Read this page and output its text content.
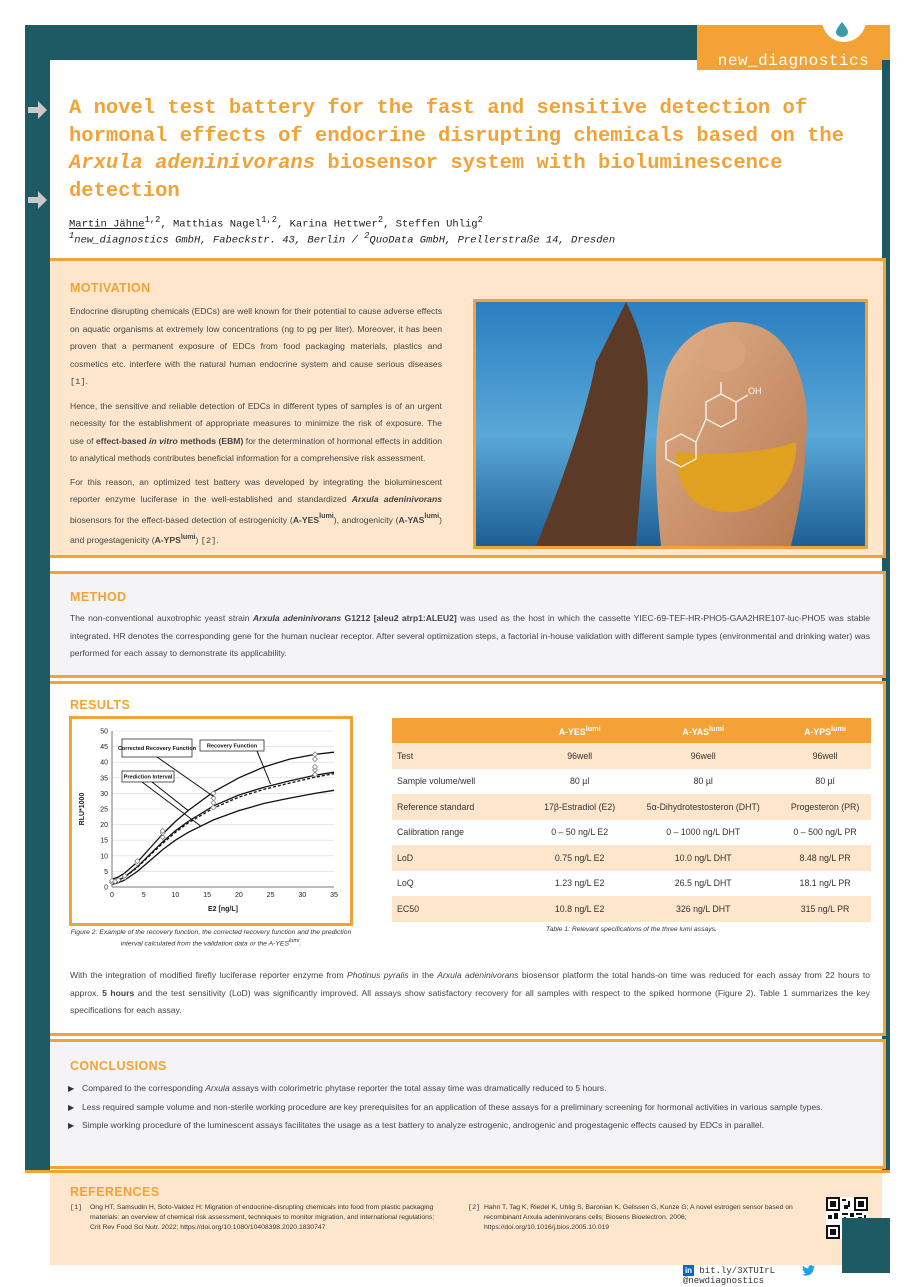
new_diagnostics
A novel test battery for the fast and sensitive detection of hormonal effects of endocrine disrupting chemicals based on the Arxula adeninivorans biosensor system with bioluminescence detection
Martin Jähne$^{1,2}$, Matthias Nagel$^{1,2}$, Karina Hettwer$^2$, Steffen Uhlig$^2$
$^1$new_diagnostics GmbH, Fabeckstr. 43, Berlin / $^2$QuoData GmbH, Prellerstraße 14, Dresden
MOTIVATION

Endocrine disrupting chemicals (EDCs) are well known for their potential to cause adverse effects on aquatic organisms at extremely low concentrations (ng to pg per liter). Moreover, it has been proven that a permanent exposure of EDCs from food packaging materials, plastics and cosmetics etc. interfere with the natural human endocrine system and cause serious diseases [1].

Hence, the sensitive and reliable detection of EDCs in different types of samples is of an urgent necessity for the establishment of appropriate measures to minimize the risk of exposure. The use of effect-based in vitro methods (EBM) for the determination of hormonal effects in addition to analytical methods contributes beneficial information for a comprehensive risk assessment.

For this reason, an optimized test battery was developed by integrating the bioluminescent reporter enzyme luciferase in the well-established and standardized Arxula adeninivorans biosensors for the effect-based detection of estrogenicity $(A-YES^{lumi})$, androgenicity $(A-YAS^{lumi})$ and progestagenicity $(A-YPS^{lumi})$ [2].

OH
METHOD
The non-conventional auxotrophic yeast strain Arxula adeninivorans G1212 [aleu2 atrp1:ALEU2] was used as the host in which the cassette YIEC-69-TEF-HR-PHO5-GAA2HRE107-luc-PHO5 was stable integrated. HR denotes the corresponding gene for the human nuclear receptor. After several optimization steps, a factorial in-house validation with different sample types (environmental and drinking water) was performed for each assay to demonstrate its applicability.
RESULTS
0
5
10
15
20
25
30
35
40
45
50
0	5	10	15	20	25	30	35
E2 [ng/L]
RLU*1000
Corrected Recovery Function Recovery Function
Prediction Interval
Figure 2: Example of the recovery function, the corrected recovery function and the prediction interval calculated from the validation data or the $A-YES^{lumi}$.
	$A-YES^{lumi}$	$A-YAS^{lumi}$	$A-YPS^{lumi}$
Test	96well	96well	96well
Sample volume/well	80 µl	80 µl	80 µl
Reference standard	17β-Estradiol (E2)	5α-Dihydrotestosteron (DHT)	Progesteron (PR)
Calibration range	0 – 50 ng/L E2	0 – 1000 ng/L DHT	0 – 500 ng/L PR
LoD	0.75 ng/L E2	10.0 ng/L DHT	8.48 ng/L PR
LoQ	1.23 ng/L E2	26.5 ng/L DHT	18.1 ng/L PR
EC50	10.8 ng/L E2	326 ng/L DHT	315 ng/L PR
Table 1: Relevant specifications of the three lumi assays.
With the integration of modified firefly luciferase reporter enzyme from Photinus pyralis in the Arxula adeninivorans biosensor platform the total hands-on time was reduced for each assay from 22 hours to approx. 5 hours and the test sensitivity (LoD) was significantly improved. All assays show satisfactory recovery for all samples with respect to the spiked hormone (Figure 2). Table 1 summarizes the key specifications for each assay.
CONCLUSIONS
▶ Compared to the corresponding Arxula assays with colorimetric phytase reporter the total assay time was dramatically reduced to 5 hours.
▶ Less required sample volume and non-sterile working procedure are key prerequisites for an application of these assays for a preliminary screening for hormonal activities in various sample types.
▶ Simple working procedure of the luminescent assays facilitates the usage as a test battery to analyze estrogenic, androgenic and progestagenic effects caused by EDCs in parallel.
REFERENCES
[1] Ong HT, Samsudin H, Soto-Valdez H; Migration of endocrine-disrupting chemicals into food from plastic packaging materials: an overview of chemical risk assessment, techniques to monitor migration, and international regulations; Crit Rev Food Sci Nutr. 2022; https://doi.org/10.1080/10408398.2020.1830747
[2] Hahn T, Tag K, Riedel K, Uhlig S, Baronian K, Gelissen G, Kunze G; A novel estrogen sensor based on recombinant Arxula adeninivorans cells; Biosens Bioelectron. 2006; https://doi.org/10.1016/j.bios.2005.10.019
in bit.ly/3XTUIrL  @newdiagnostics
